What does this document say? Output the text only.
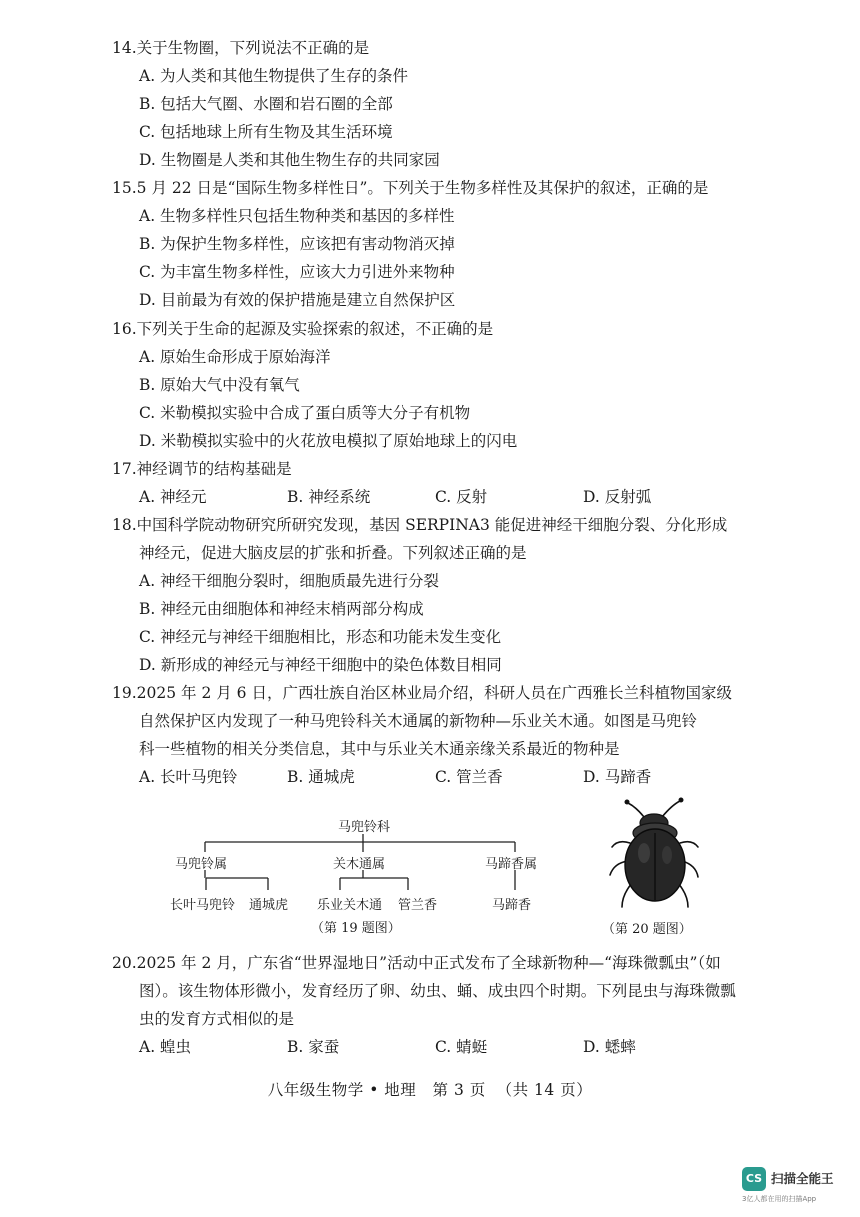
14.关于生物圈，下列说法不正确的是
A. 为人类和其他生物提供了生存的条件
B. 包括大气圈、水圈和岩石圈的全部
C. 包括地球上所有生物及其生活环境
D. 生物圈是人类和其他生物生存的共同家园
15.5 月 22 日是“国际生物多样性日”。下列关于生物多样性及其保护的叙述，正确的是
A. 生物多样性只包括生物种类和基因的多样性
B. 为保护生物多样性，应该把有害动物消灭掉
C. 为丰富生物多样性，应该大力引进外来物种
D. 目前最为有效的保护措施是建立自然保护区
16.下列关于生命的起源及实验探索的叙述，不正确的是
A. 原始生命形成于原始海洋
B. 原始大气中没有氧气
C. 米勒模拟实验中合成了蛋白质等大分子有机物
D. 米勒模拟实验中的火花放电模拟了原始地球上的闪电
17.神经调节的结构基础是
A. 神经元	B. 神经系统	C. 反射	D. 反射弧
18.中国科学院动物研究所研究发现，基因 SERPINA3 能促进神经干细胞分裂、分化形成
神经元，促进大脑皮层的扩张和折叠。下列叙述正确的是
A. 神经干细胞分裂时，细胞质最先进行分裂
B. 神经元由细胞体和神经末梢两部分构成
C. 神经元与神经干细胞相比，形态和功能未发生变化
D. 新形成的神经元与神经干细胞中的染色体数目相同
19.2025 年 2 月 6 日，广西壮族自治区林业局介绍，科研人员在广西雅长兰科植物国家级
自然保护区内发现了一种马兜铃科关木通属的新物种—乐业关木通。如图是马兜铃
科一些植物的相关分类信息，其中与乐业关木通亲缘关系最近的物种是
A. 长叶马兜铃	B. 通城虎	C. 管兰香	D. 马蹄香
马兜铃科
马兜铃属	关木通属	马蹄香属
长叶马兜铃 通城虎 乐业关木通 管兰香	马蹄香
（第 19 题图）	（第 20 题图）
20.2025 年 2 月，广东省“世界湿地日”活动中正式发布了全球新物种—“海珠微瓢虫”（如
图）。该生物体形微小，发育经历了卵、幼虫、蛹、成虫四个时期。下列昆虫与海珠微瓢
虫的发育方式相似的是
A. 蝗虫	B. 家蚕	C. 蜻蜓	D. 蟋蟀
八年级生物学 • 地理   第 3 页  （共 14 页）
CS 扫描全能王
3亿人都在用的扫描App
